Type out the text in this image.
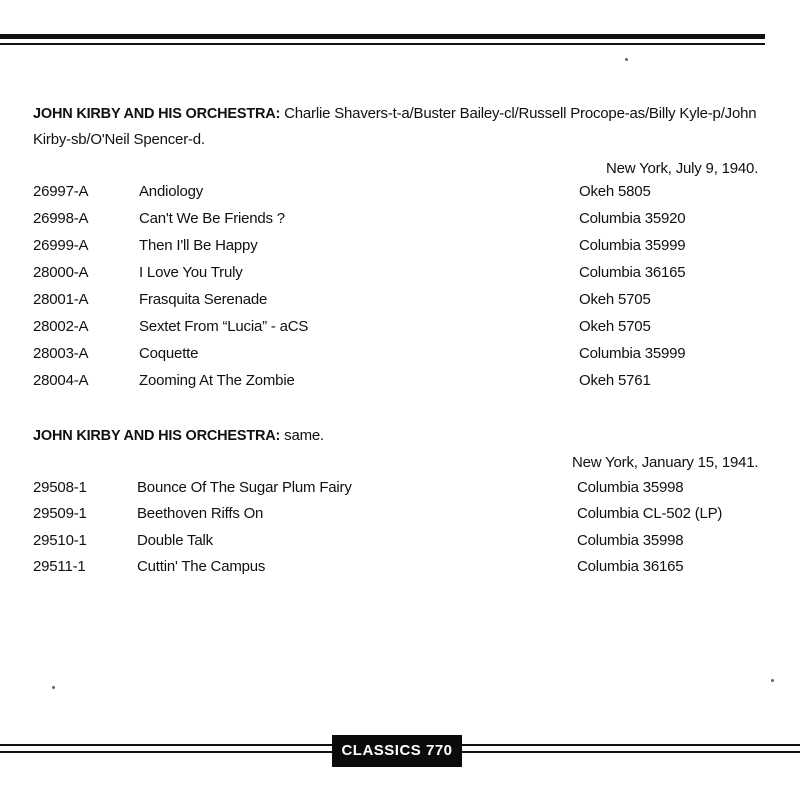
JOHN KIRBY AND HIS ORCHESTRA: Charlie Shavers-t-a/Buster Bailey-cl/Russell Procope-as/Billy Kyle-p/John Kirby-sb/O'Neil Spencer-d.
New York, July 9, 1940.
26997-A	Andiology	Okeh 5805
26998-A	Can't We Be Friends ?	Columbia 35920
26999-A	Then I'll Be Happy	Columbia 35999
28000-A	I Love You Truly	Columbia 36165
28001-A	Frasquita Serenade	Okeh 5705
28002-A	Sextet From “Lucia” - aCS	Okeh 5705
28003-A	Coquette	Columbia 35999
28004-A	Zooming At The Zombie	Okeh 5761
JOHN KIRBY AND HIS ORCHESTRA: same.
New York, January 15, 1941.
29508-1	Bounce Of The Sugar Plum Fairy	Columbia 35998
29509-1	Beethoven Riffs On	Columbia CL-502 (LP)
29510-1	Double Talk	Columbia 35998
29511-1	Cuttin' The Campus	Columbia 36165
CLASSICS 770
